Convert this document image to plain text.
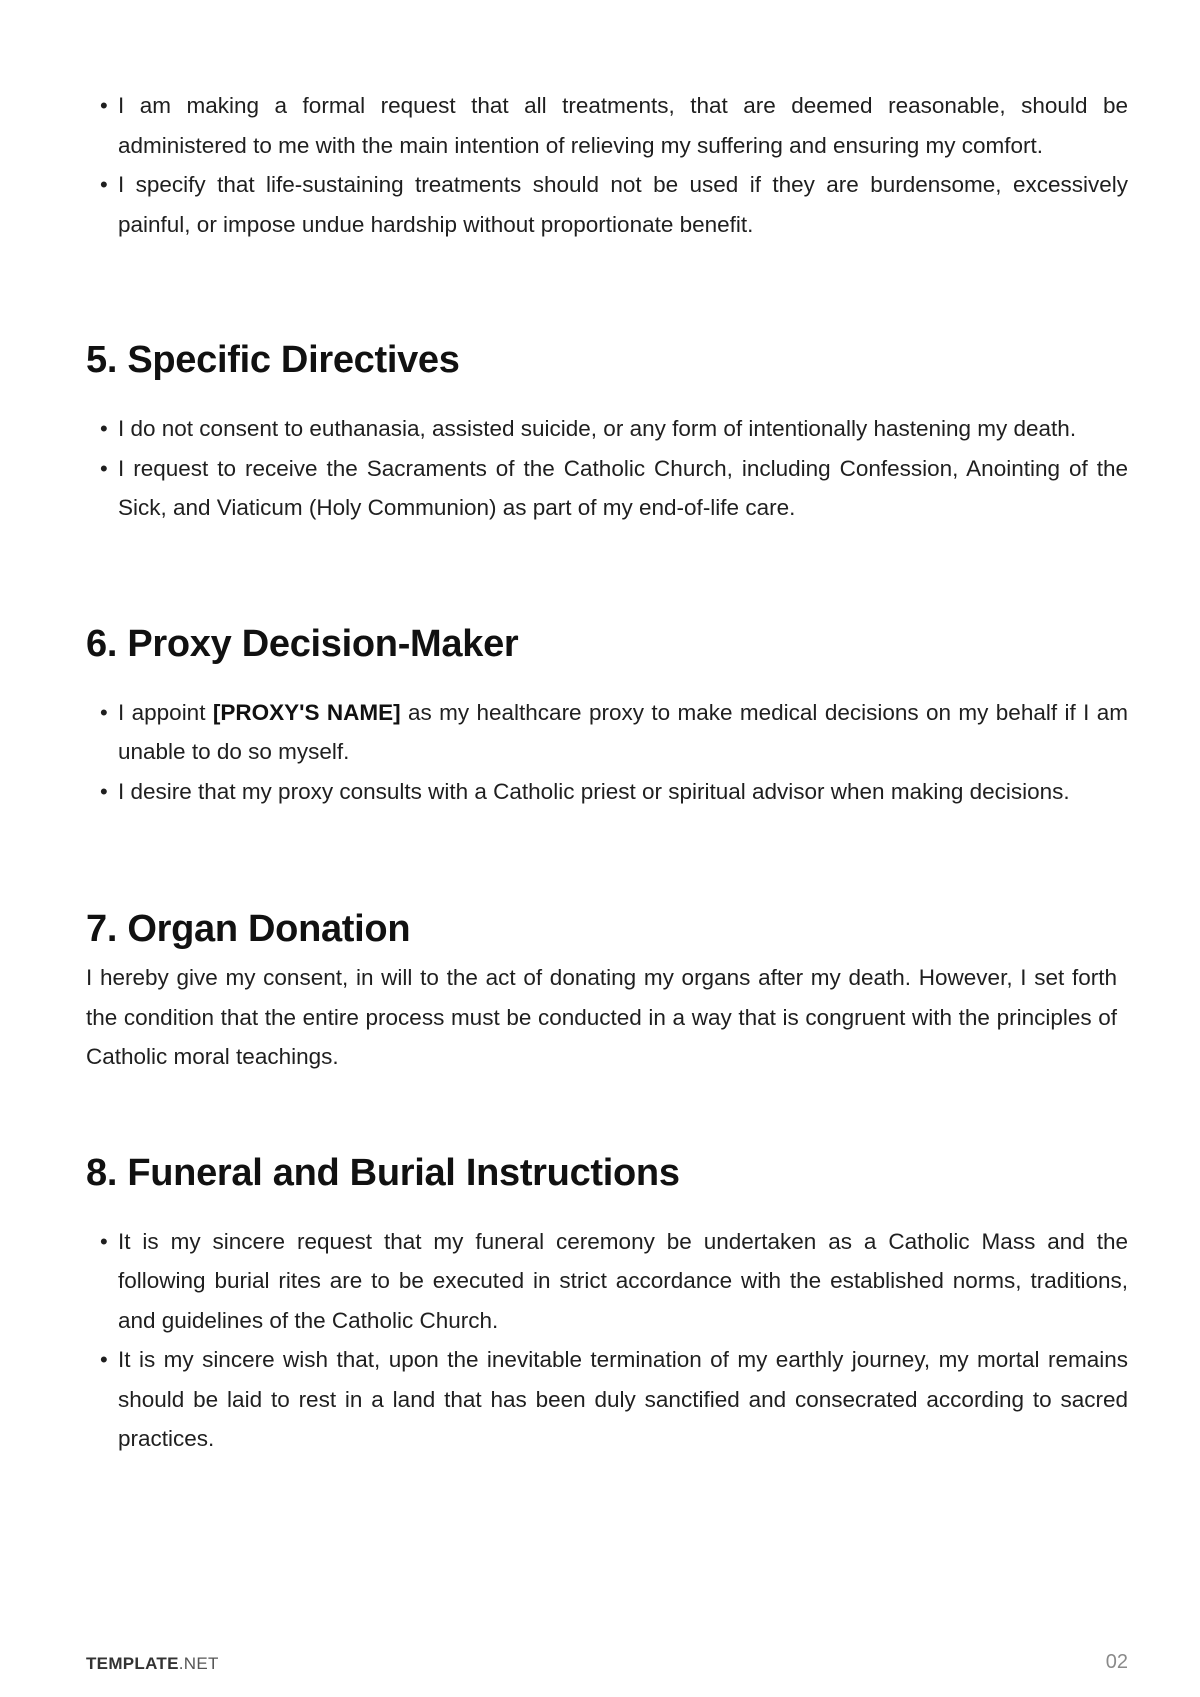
• I am making a formal request that all treatments, that are deemed reasonable, should be administered to me with the main intention of relieving my suffering and ensuring my comfort.
• I specify that life-sustaining treatments should not be used if they are burdensome, excessively painful, or impose undue hardship without proportionate benefit.
5. Specific Directives
• I do not consent to euthanasia, assisted suicide, or any form of intentionally hastening my death.
• I request to receive the Sacraments of the Catholic Church, including Confession, Anointing of the Sick, and Viaticum (Holy Communion) as part of my end-of-life care.
6. Proxy Decision-Maker
• I appoint [PROXY'S NAME] as my healthcare proxy to make medical decisions on my behalf if I am unable to do so myself.
• I desire that my proxy consults with a Catholic priest or spiritual advisor when making decisions.
7. Organ Donation

I hereby give my consent, in will to the act of donating my organs after my death. However, I set forth the condition that the entire process must be conducted in a way that is congruent with the principles of Catholic moral teachings.

8. Funeral and Burial Instructions
• It is my sincere request that my funeral ceremony be undertaken as a Catholic Mass and the following burial rites are to be executed in strict accordance with the established norms, traditions, and guidelines of the Catholic Church.
• It is my sincere wish that, upon the inevitable termination of my earthly journey, my mortal remains should be laid to rest in a land that has been duly sanctified and consecrated according to sacred practices.
TEMPLATE.NET	02
